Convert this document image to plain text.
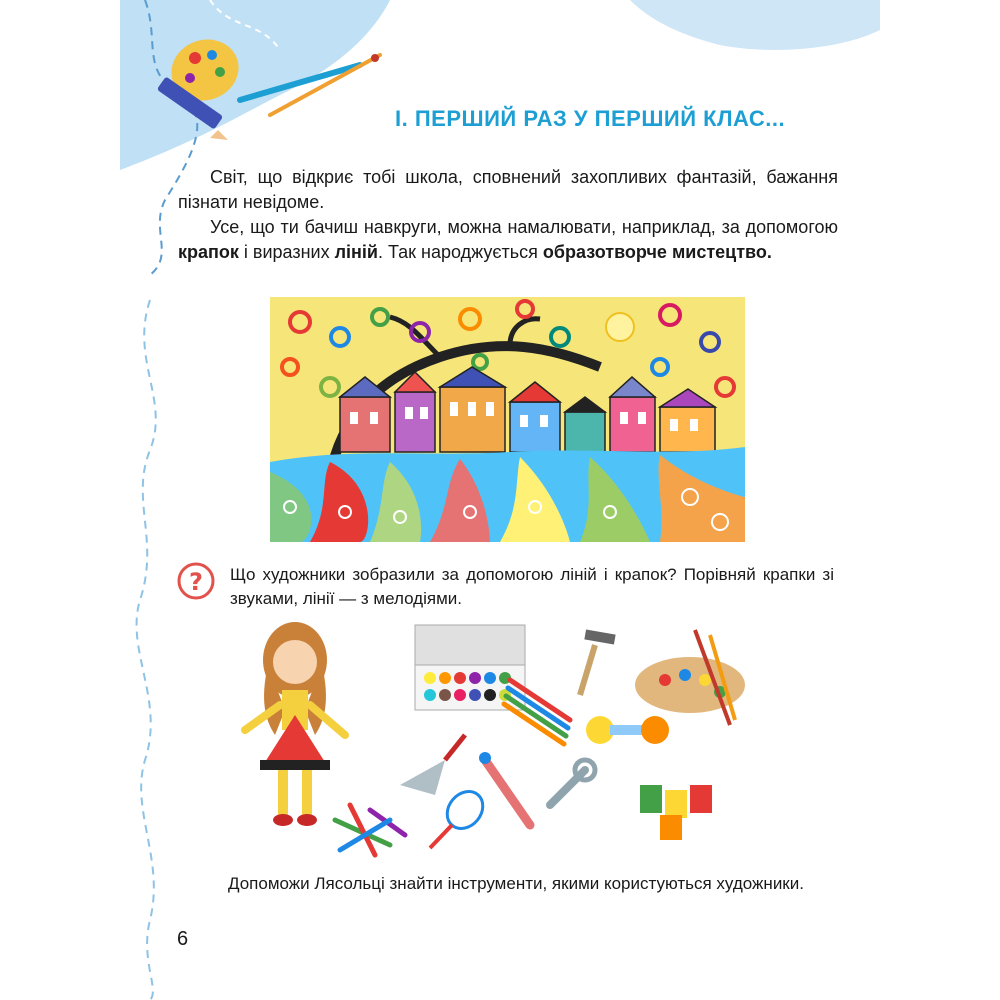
І. ПЕРШИЙ РАЗ У ПЕРШИЙ КЛАС...
Світ, що відкриє тобі школа, сповнений захопливих фантазій, бажання пізнати невідоме.
Усе, що ти бачиш навкруги, можна намалювати, наприклад, за допомогою крапок і виразних ліній. Так народжується образотворче мистецтво.
? Що художники зобразили за допомогою ліній і крапок? Порівняй крапки зі звуками, лінії — з мелодіями.
Допоможи Лясольці знайти інструменти, якими користуються художники.
6
